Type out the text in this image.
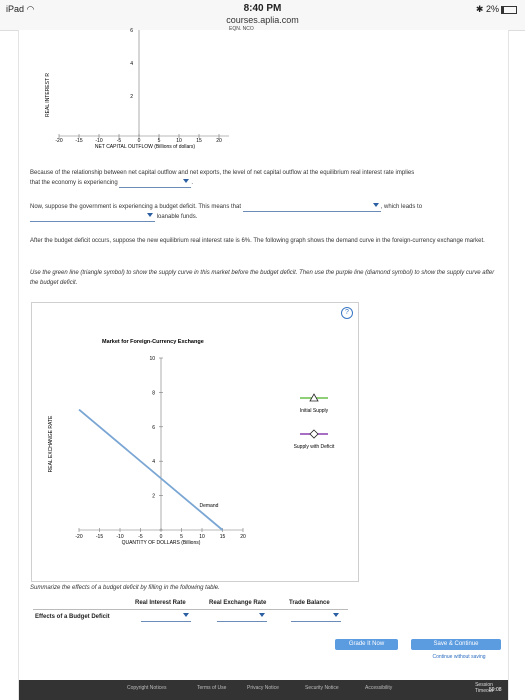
iPad ◠	8:40 PM
courses.aplia.com
✱ 2%
EQN. NCO
6
4
2
REAL INTEREST R
-20	-15	-10	-5	0	5	10	15	20
NET CAPITAL OUTFLOW (Billions of dollars)
Because of the relationship between net capital outflow and net exports, the level of net capital outflow at the equilibrium real interest rate implies
that the economy is experiencing	.
Now, suppose the government is experiencing a budget deficit. This means that	, which leads to

loanable funds.
After the budget deficit occurs, suppose the new equilibrium real interest rate is 6%. The following graph shows the demand curve in the foreign-currency exchange market.
Use the green line (triangle symbol) to show the supply curve in this market before the budget deficit. Then use the purple line (diamond symbol) to show the supply curve after the budget deficit.
?
Market for Foreign-Currency Exchange
-20	-15	-10	-5	0	5	10	15	20
10
8
6
4
2
QUANTITY OF DOLLARS (Billions)
REAL EXCHANGE RATE
Demand
Initial Supply
Supply with Deficit
Summarize the effects of a budget deficit by filling in the following table.
Real Interest Rate	Real Exchange Rate	Trade Balance
Effects of a Budget Deficit
Grade It Now	Save & Continue
Continue without saving
Copyright Notices	Terms of Use	Privacy Notice	Security Notice	Accessibility	Session Timeout
59:08
